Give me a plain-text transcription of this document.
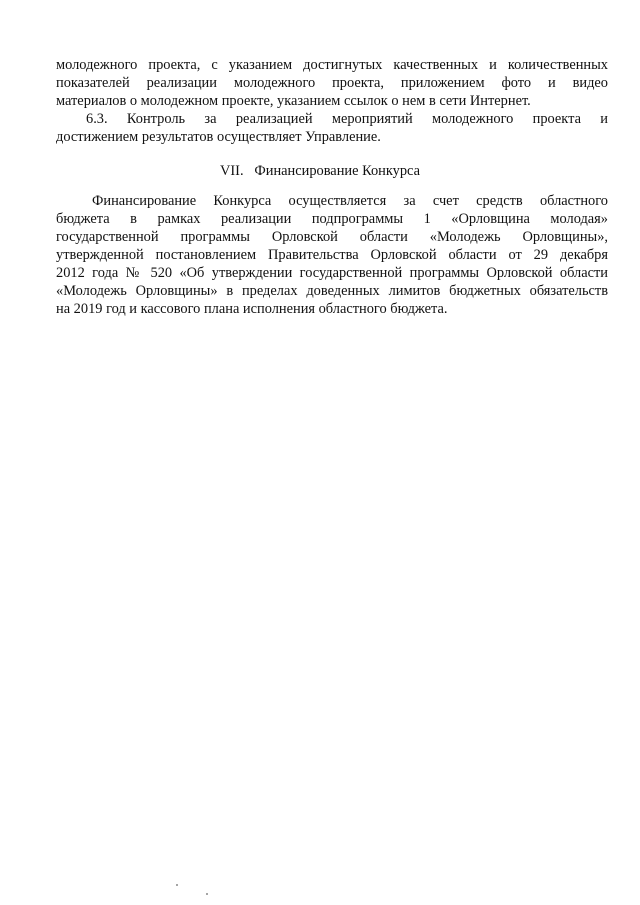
молодежного проекта, с указанием достигнутых качественных и количественных
показателей реализации молодежного проекта, приложением фото и видео
материалов о молодежном проекте, указанием ссылок о нем в сети Интернет.
6.3. Контроль за реализацией мероприятий молодежного проекта и
достижением результатов осуществляет Управление.
VII.   Финансирование Конкурса
Финансирование Конкурса осуществляется за счет средств областного
бюджета в рамках реализации подпрограммы 1 «Орловщина молодая»
государственной программы Орловской области «Молодежь Орловщины»,
утвержденной постановлением Правительства Орловской области от 29 декабря
2012 года № 520 «Об утверждении государственной программы Орловской области
«Молодежь Орловщины» в пределах доведенных лимитов бюджетных обязательств
на 2019 год и кассового плана исполнения областного бюджета.
